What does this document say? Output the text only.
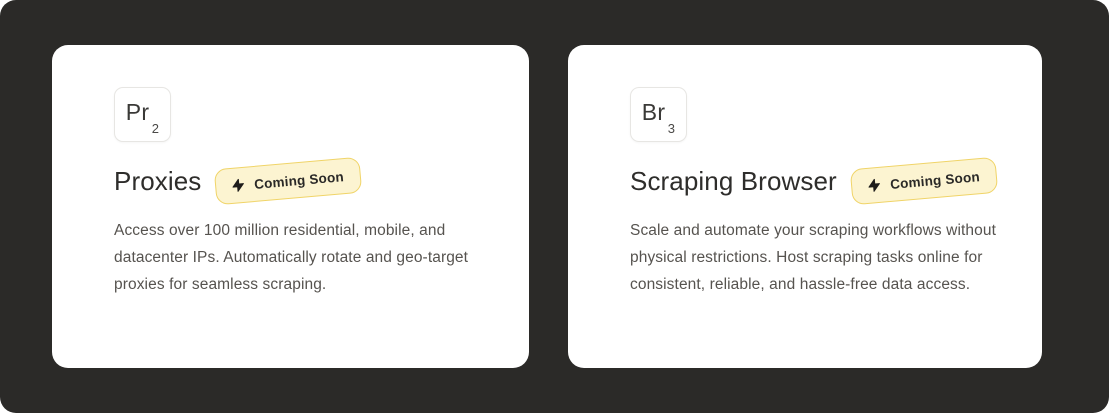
Pr
2
Proxies	Coming Soon

Access over 100 million residential, mobile, and datacenter IPs. Automatically rotate and geo-target proxies for seamless scraping.

Br
3
Scraping Browser	Coming Soon

Scale and automate your scraping workflows without physical restrictions. Host scraping tasks online for consistent, reliable, and hassle-free data access.
